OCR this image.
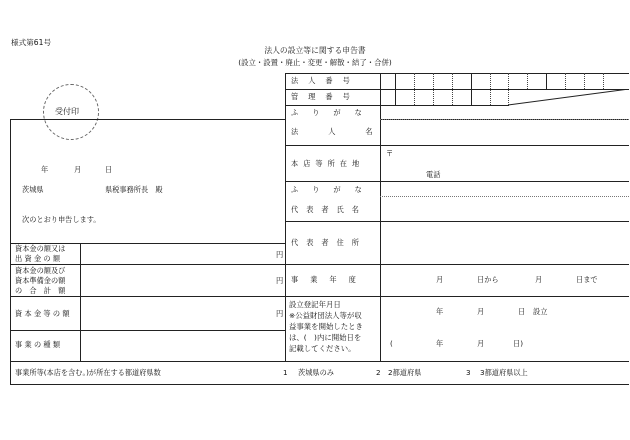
様式第61号
法人の設立等に関する申告書
(設立・設置・廃止・変更・解散・結了・合併)
受付印
年	月	日
茨城県	県税事務所長　殿
次のとおり申告します。
資本金の額又は
出 資 金 の 額	円
資本金の額及び
資本準備金の額
の　合　計　額
円
資 本 金 等 の 額	円
事 業 の 種 類
法人番号
管理番号
ふりがな
法人名
本店等所在地
〒
電話
ふりがな
代表者氏名
代表者住所
事業年度	月	日から	月	日まで
設立登記年月日
※公益財団法人等が収
益事業を開始したとき
は、(　)内に開始日を
記載してください。
年	月	日 設立
(	年	月	日)
事業所等(本店を含む。)が所在する都道府県数	1 茨城県のみ	2 2都道府県	3 3都道府県以上
